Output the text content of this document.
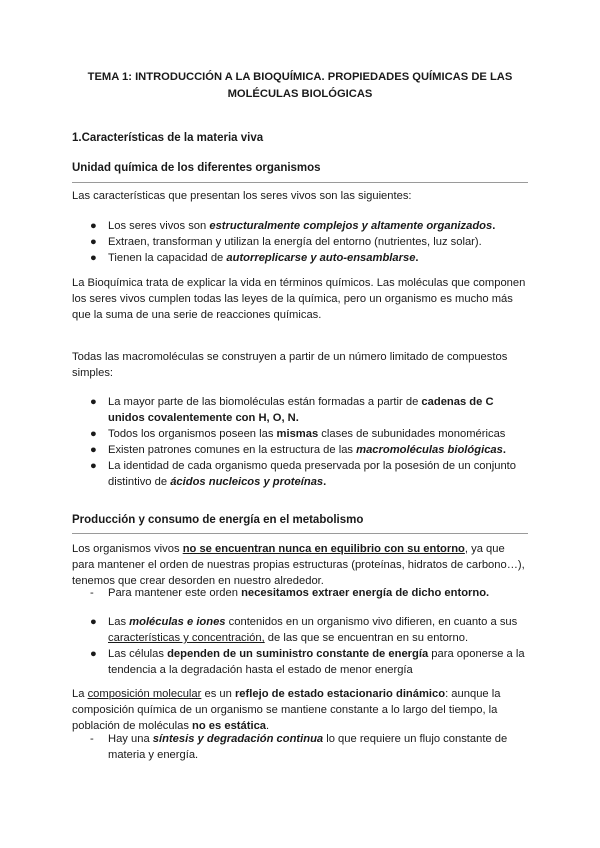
TEMA 1: INTRODUCCIÓN A LA BIOQUÍMICA. PROPIEDADES QUÍMICAS DE LAS
MOLÉCULAS BIOLÓGICAS
1.Características de la materia viva
Unidad química de los diferentes organismos

Las características que presentan los seres vivos son las siguientes:

● Los seres vivos son estructuralmente complejos y altamente organizados.
● Extraen, transforman y utilizan la energía del entorno (nutrientes, luz solar).
● Tienen la capacidad de autorreplicarse y auto-ensamblarse.

La Bioquímica trata de explicar la vida en términos químicos. Las moléculas que componen los seres vivos cumplen todas las leyes de la química, pero un organismo es mucho más que la suma de una serie de reacciones químicas.

Todas las macromoléculas se construyen a partir de un número limitado de compuestos simples:

● La mayor parte de las biomoléculas están formadas a partir de cadenas de C unidos covalentemente con H, O, N.
● Todos los organismos poseen las mismas clases de subunidades monoméricas
● Existen patrones comunes en la estructura de las macromoléculas biológicas.
● La identidad de cada organismo queda preservada por la posesión de un conjunto distintivo de ácidos nucleicos y proteínas.
Producción y consumo de energía en el metabolismo

Los organismos vivos no se encuentran nunca en equilibrio con su entorno, ya que para mantener el orden de nuestras propias estructuras (proteínas, hidratos de carbono…), tenemos que crear desorden en nuestro alrededor.

- Para mantener este orden necesitamos extraer energía de dicho entorno.
● Las moléculas e iones contenidos en un organismo vivo difieren, en cuanto a sus características y concentración, de las que se encuentran en su entorno.
● Las células dependen de un suministro constante de energía para oponerse a la tendencia a la degradación hasta el estado de menor energía

La composición molecular es un reflejo de estado estacionario dinámico: aunque la composición química de un organismo se mantiene constante a lo largo del tiempo, la población de moléculas no es estática.

- Hay una síntesis y degradación continua lo que requiere un flujo constante de materia y energía.
